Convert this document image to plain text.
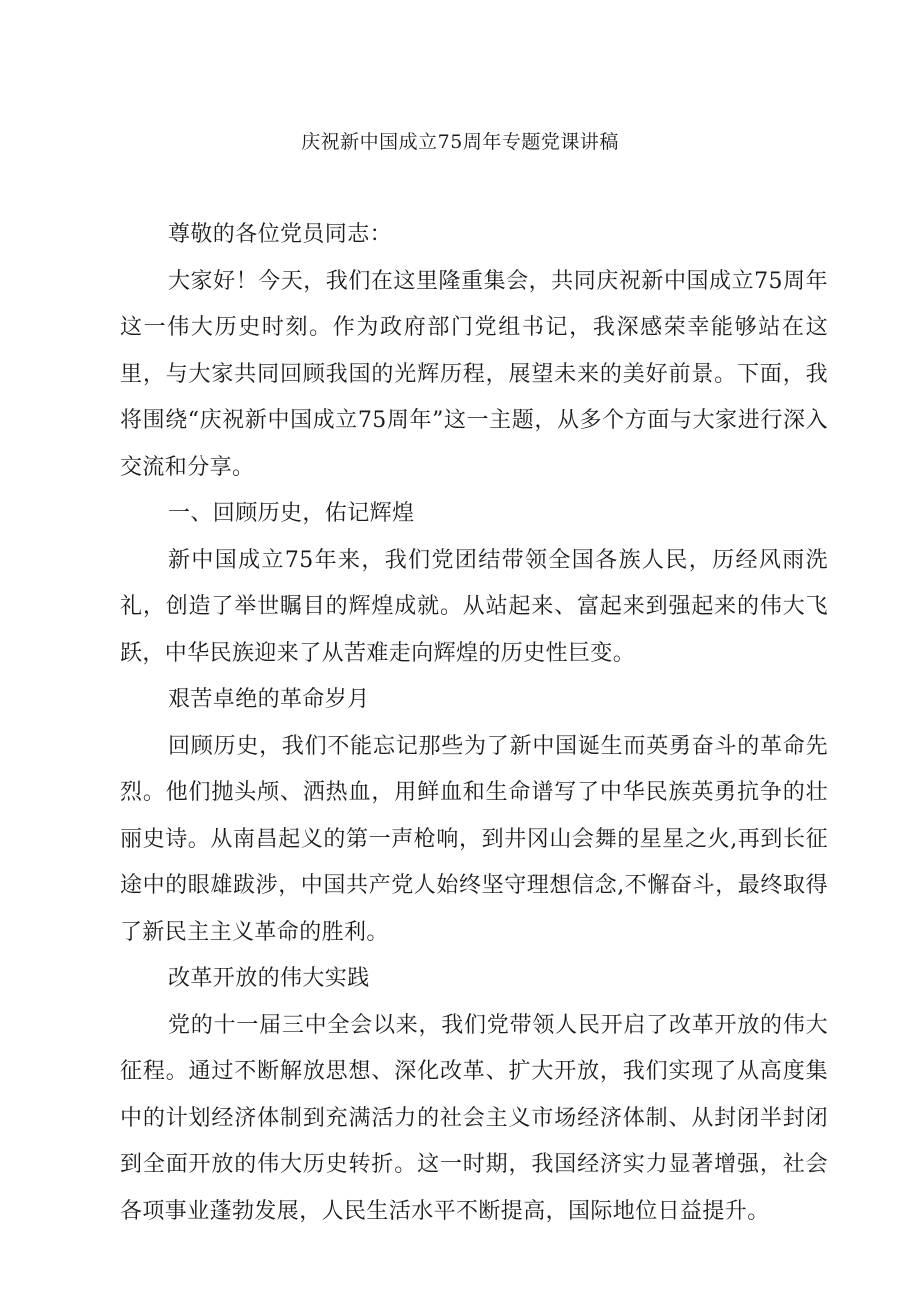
庆祝新中国成立75周年专题党课讲稿

尊敬的各位党员同志：

大家好！今天，我们在这里隆重集会，共同庆祝新中国成立75周年这一伟大历史时刻。作为政府部门党组书记，我深感荣幸能够站在这里，与大家共同回顾我国的光辉历程，展望未来的美好前景。下面，我将围绕“庆祝新中国成立75周年”这一主题，从多个方面与大家进行深入交流和分享。

一、回顾历史，佑记辉煌

新中国成立75年来，我们党团结带领全国各族人民，历经风雨洗礼，创造了举世瞩目的辉煌成就。从站起来、富起来到强起来的伟大飞跃，中华民族迎来了从苦难走向辉煌的历史性巨变。

艰苦卓绝的革命岁月

回顾历史，我们不能忘记那些为了新中国诞生而英勇奋斗的革命先烈。他们抛头颅、洒热血，用鲜血和生命谱写了中华民族英勇抗争的壮丽史诗。从南昌起义的第一声枪响，到井冈山会舞的星星之火,再到长征途中的眼雄跋涉，中国共产党人始终坚守理想信念,不懈奋斗，最终取得了新民主主义革命的胜利。

改革开放的伟大实践

党的十一届三中全会以来，我们党带领人民开启了改革开放的伟大征程。通过不断解放思想、深化改革、扩大开放，我们实现了从高度集中的计划经济体制到充满活力的社会主义市场经济体制、从封闭半封闭到全面开放的伟大历史转折。这一时期，我国经济实力显著增强，社会各项事业蓬勃发展，人民生活水平不断提高，国际地位日益提升。
